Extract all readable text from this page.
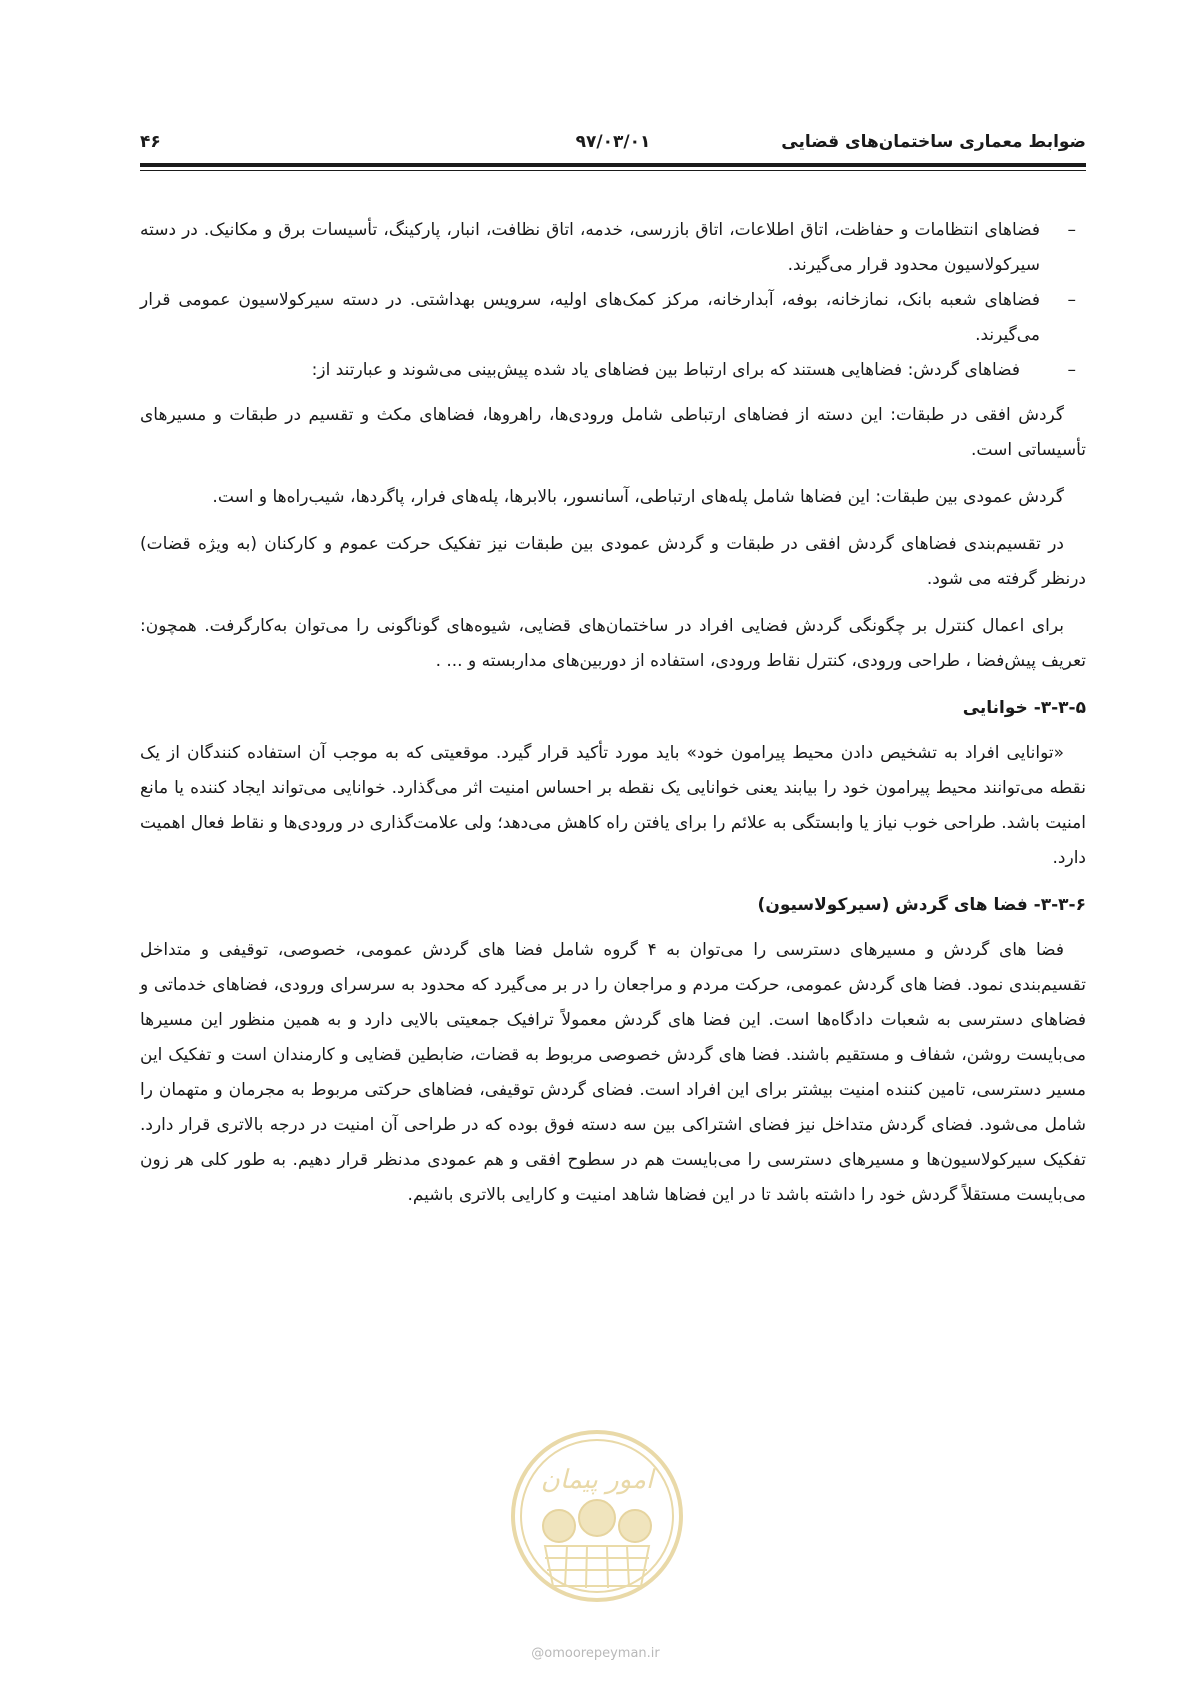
ضوابط معماری ساختمان‌های قضایی
۹۷/۰۳/۰۱
۴۶
–
فضاهای انتظامات و حفاظت، اتاق اطلاعات، اتاق بازرسی، خدمه، اتاق نظافت، انبار، پارکینگ، تأسیسات برق و مکانیک. در دسته سیرکولاسیون محدود قرار می‌گیرند.
–
فضاهای شعبه بانک، نمازخانه، بوفه، آبدارخانه، مرکز کمک‌های اولیه، سرویس بهداشتی. در دسته سیرکولاسیون عمومی قرار می‌گیرند.
–
فضاهای گردش: فضاهایی هستند که برای ارتباط بین فضاهای یاد شده پیش‌بینی می‌شوند و عبارتند از:

گردش افقی در طبقات: این دسته از فضاهای ارتباطی شامل ورودی‌ها، راهروها، فضاهای مکث و تقسیم در طبقات و مسیرهای تأسیساتی است.

گردش عمودی بین طبقات: این فضاها شامل پله‌های ارتباطی، آسانسور، بالابرها، پله‌های فرار، پاگردها، شیب‌راه‌ها و است.

در تقسیم‌بندی فضاهای گردش افقی در طبقات و گردش عمودی بین طبقات نیز تفکیک حرکت عموم و کارکنان (به ویژه قضات) درنظر گرفته می شود.

برای اعمال کنترل بر چگونگی گردش فضایی افراد در ساختمان‌های قضایی، شیوه‌های گوناگونی را می‌توان به‌کارگرفت. همچون: تعریف پیش‌فضا ، طراحی ورودی، کنترل نقاط ورودی، استفاده از دوربین‌های مداربسته و ... .

۳-۳-۵- خوانایی

«توانایی افراد به تشخیص دادن محیط پیرامون خود» باید مورد تأکید قرار گیرد. موقعیتی که به موجب آن استفاده کنندگان از یک نقطه می‌توانند محیط پیرامون خود را بیابند یعنی خوانایی یک نقطه بر احساس امنیت اثر می‌گذارد. خوانایی می‌تواند ایجاد کننده یا مانع امنیت باشد. طراحی خوب نیاز یا وابستگی به علائم را برای یافتن راه کاهش می‌دهد؛ ولی علامت‌گذاری در ورودی‌ها و نقاط فعال اهمیت دارد.

۳-۳-۶- فضا های گردش (سیرکولاسیون)

فضا های گردش و مسیرهای دسترسی را می‌توان به ۴ گروه شامل فضا های گردش عمومی، خصوصی، توقیفی و متداخل تقسیم‌بندی نمود. فضا های گردش عمومی، حرکت مردم و مراجعان را در بر می‌گیرد که محدود به سرسرای ورودی، فضاهای خدماتی و فضاهای دسترسی به شعبات دادگاه‌ها است. این فضا های گردش معمولاً ترافیک جمعیتی بالایی دارد و به همین منظور این مسیرها می‌بایست روشن، شفاف و مستقیم باشند. فضا های گردش خصوصی مربوط به قضات، ضابطین قضایی و کارمندان است و تفکیک این مسیر دسترسی، تامین کننده امنیت بیشتر برای این افراد است. فضای گردش توقیفی، فضاهای حرکتی مربوط به مجرمان و متهمان را شامل می‌شود. فضای گردش متداخل نیز فضای اشتراکی بین سه دسته فوق بوده که در طراحی آن امنیت در درجه بالاتری قرار دارد. تفکیک سیرکولاسیون‌ها و مسیرهای دسترسی را می‌بایست هم در سطوح افقی و هم عمودی مدنظر قرار دهیم. به طور کلی هر زون می‌بایست مستقلاً گردش خود را داشته باشد تا در این فضاها شاهد امنیت و کارایی بالاتری باشیم.

امور پیمان
@omoorepeyman.ir
